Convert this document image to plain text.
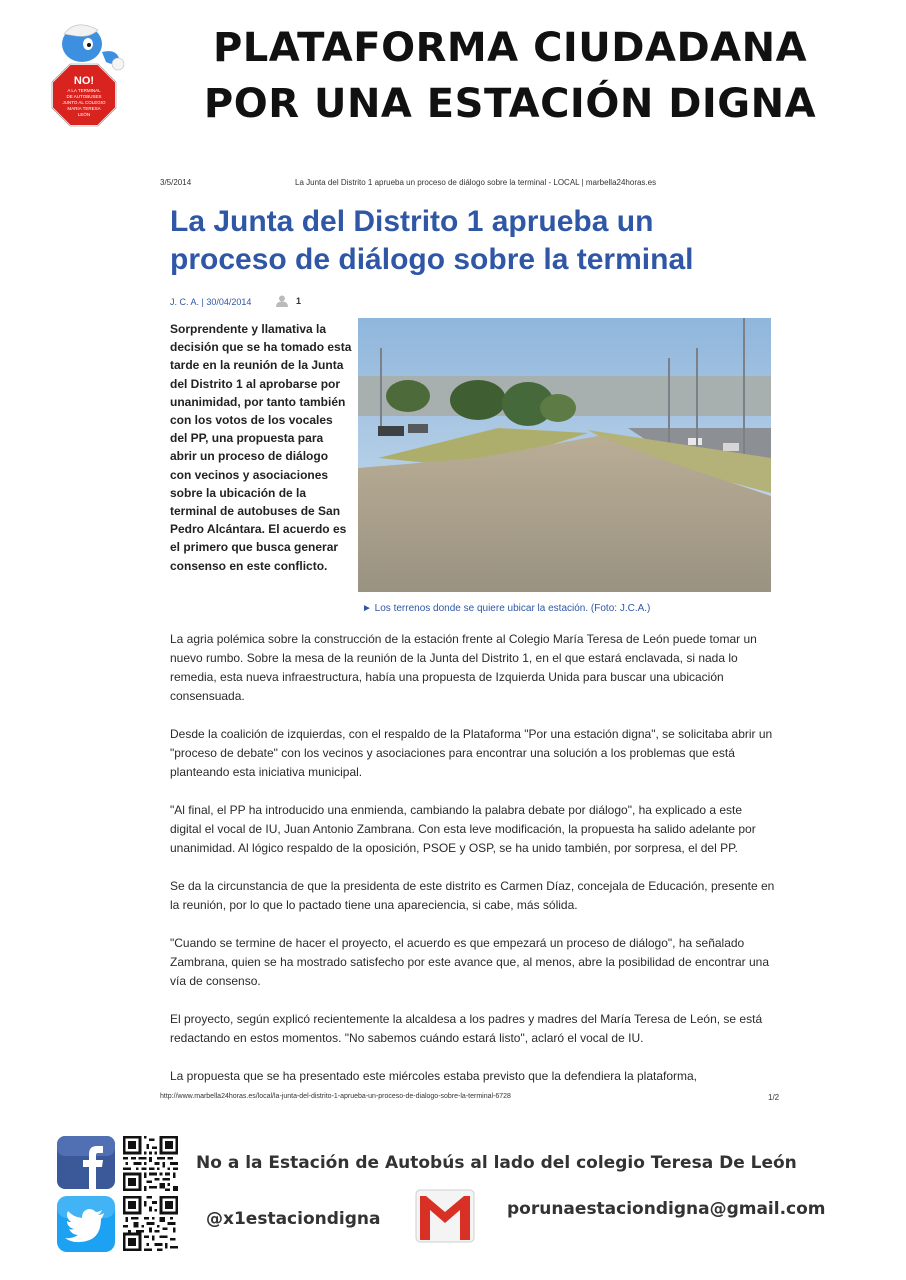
NO!
A LA TERMINAL
DE AUTOBUSES
JUNTO AL COLEGIO
MARIA TERESA
LEÓN
PLATAFORMA CIUDADANA
POR UNA ESTACIÓN DIGNA
3/5/2014	La Junta del Distrito 1 aprueba un proceso de diálogo sobre la terminal - LOCAL | marbella24horas.es
La Junta del Distrito 1 aprueba un
proceso de diálogo sobre la terminal
J. C. A. | 30/04/2014	1
Sorprendente y llamativa la decisión que se ha tomado esta tarde en la reunión de la Junta del Distrito 1 al aprobarse por unanimidad, por tanto también con los votos de los vocales del PP, una propuesta para abrir un proceso de diálogo con vecinos y asociaciones sobre la ubicación de la terminal de autobuses de San Pedro Alcántara. El acuerdo es el primero que busca generar consenso en este conflicto.
► Los terrenos donde se quiere ubicar la estación. (Foto: J.C.A.)

La agria polémica sobre la construcción de la estación frente al Colegio María Teresa de León puede tomar un nuevo rumbo. Sobre la mesa de la reunión de la Junta del Distrito 1, en el que estará enclavada, si nada lo remedia, esta nueva infraestructura, había una propuesta de Izquierda Unida para buscar una ubicación consensuada.

Desde la coalición de izquierdas, con el respaldo de la Plataforma "Por una estación digna", se solicitaba abrir un "proceso de debate" con los vecinos y asociaciones para encontrar una solución a los problemas que está planteando esta iniciativa municipal.

"Al final, el PP ha introducido una enmienda, cambiando la palabra debate por diálogo", ha explicado a este digital el vocal de IU, Juan Antonio Zambrana. Con esta leve modificación, la propuesta ha salido adelante por unanimidad. Al lógico respaldo de la oposición, PSOE y OSP, se ha unido también, por sorpresa, el del PP.

Se da la circunstancia de que la presidenta de este distrito es Carmen Díaz, concejala de Educación, presente en la reunión, por lo que lo pactado tiene una apareciencia, si cabe, más sólida.

"Cuando se termine de hacer el proyecto, el acuerdo es que empezará un proceso de diálogo", ha señalado Zambrana, quien se ha mostrado satisfecho por este avance que, al menos, abre la posibilidad de encontrar una vía de consenso.

El proyecto, según explicó recientemente la alcaldesa a los padres y madres del María Teresa de León, se está redactando en estos momentos. "No sabemos cuándo estará listo", aclaró el vocal de IU.

La propuesta que se ha presentado este miércoles estaba previsto que la defendiera la plataforma,

http://www.marbella24horas.es/local/la-junta-del-distrito-1-aprueba-un-proceso-de-dialogo-sobre-la-terminal-6728	1/2
No a la Estación de Autobús al lado del colegio Teresa De León
@x1estaciondigna	porunaestaciondigna@gmail.com
